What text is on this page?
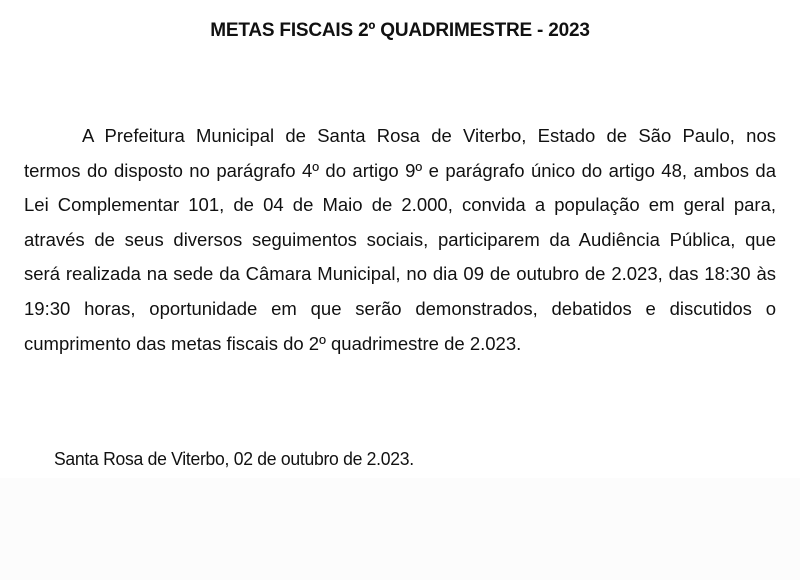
METAS FISCAIS 2º QUADRIMESTRE - 2023
A Prefeitura Municipal de Santa Rosa de Viterbo, Estado de São Paulo, nos
termos do disposto no parágrafo 4º do artigo 9º e parágrafo único do artigo 48, ambos da
Lei Complementar 101, de 04 de Maio de 2.000, convida a população em geral para,
através de seus diversos seguimentos sociais, participarem da Audiência Pública, que
será realizada na sede da Câmara Municipal, no dia 09 de outubro de 2.023, das 18:30 às
19:30 horas, oportunidade em que serão demonstrados, debatidos e discutidos o
cumprimento das metas fiscais do 2º quadrimestre de 2.023.
Santa Rosa de Viterbo, 02 de outubro de 2.023.
